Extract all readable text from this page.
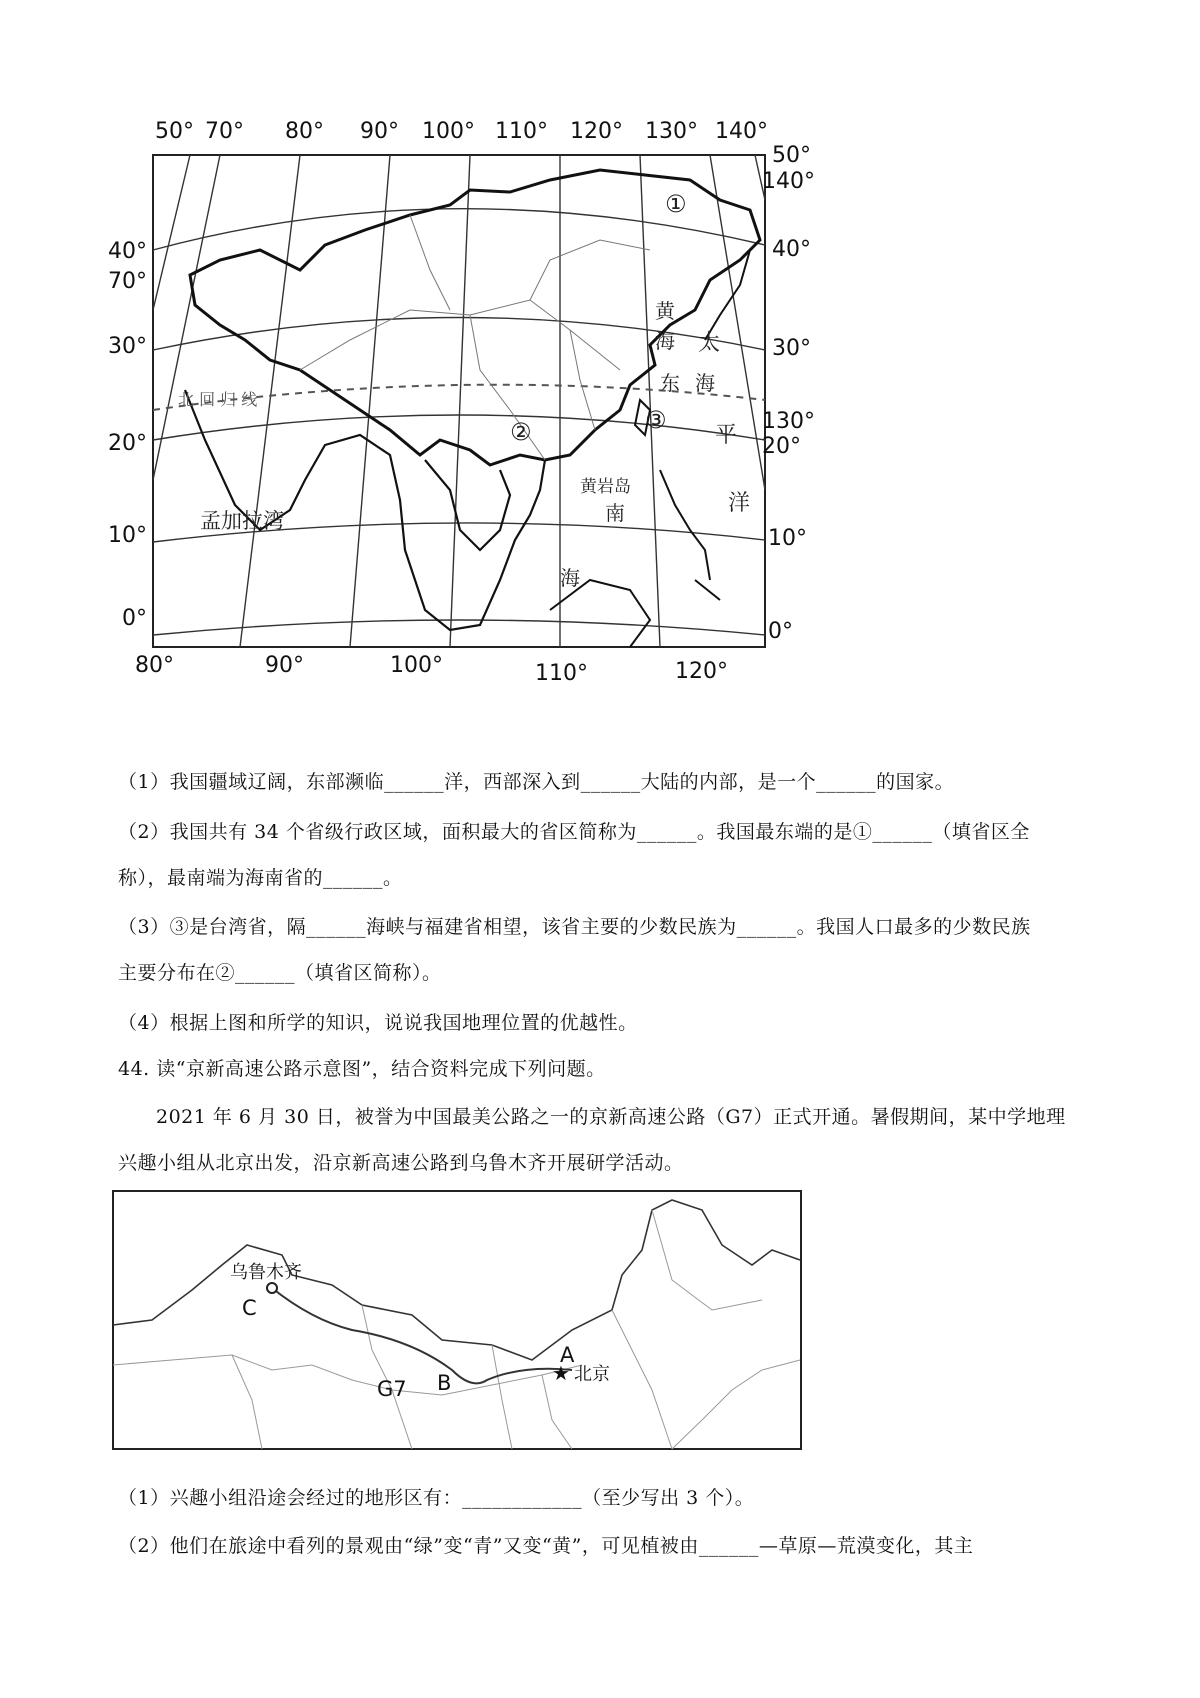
50° 70° 80° 90° 100° 110° 120° 130° 140°
80°	90°	100°	110°	120°
40°
70°
30°
20°
10°
0°
50°
140°
40°
30°
130°
20°
10°
0°
北 回 归 线
①
②	③
黄
海
东 海
太
平
洋
黄岩岛
南
海
孟加拉湾
（1）我国疆域辽阔，东部濒临______洋，西部深入到______大陆的内部，是一个______的国家。
（2）我国共有 34 个省级行政区域，面积最大的省区简称为______。我国最东端的是①______（填省区全
称），最南端为海南省的______。
（3）③是台湾省，隔______海峡与福建省相望，该省主要的少数民族为______。我国人口最多的少数民族
主要分布在②______（填省区简称）。
（4）根据上图和所学的知识，说说我国地理位置的优越性。
44. 读“京新高速公路示意图”，结合资料完成下列问题。
2021 年 6 月 30 日，被誉为中国最美公路之一的京新高速公路（G7）正式开通。暑假期间，某中学地理
兴趣小组从北京出发，沿京新高速公路到乌鲁木齐开展研学活动。
乌鲁木齐
C
G7 B
A
★ 北京
（1）兴趣小组沿途会经过的地形区有：____________（至少写出 3 个）。
（2）他们在旅途中看列的景观由“绿”变“青”又变“黄”，可见植被由______—草原—荒漠变化，其主
